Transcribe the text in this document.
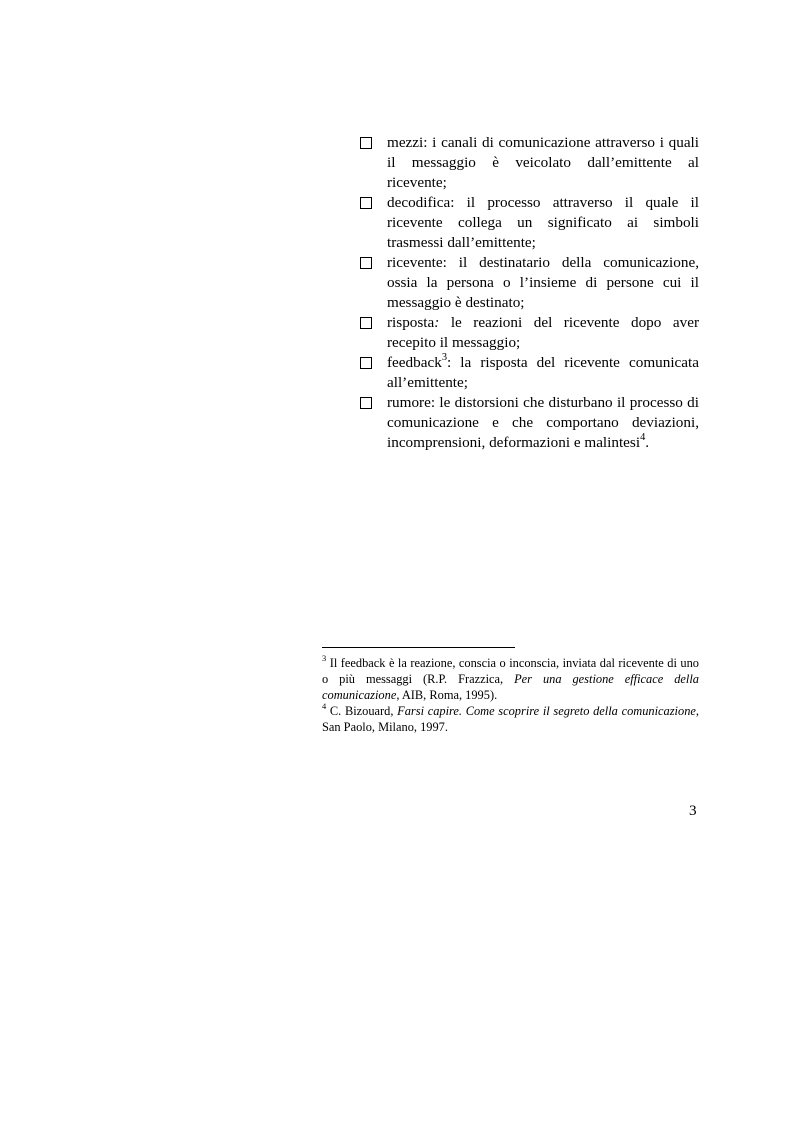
mezzi: i canali di comunicazione attraverso i quali il messaggio è veicolato dall’emittente al ricevente;
decodifica: il processo attraverso il quale il ricevente collega un significato ai simboli trasmessi dall’emittente;
ricevente: il destinatario della comunicazione, ossia la persona o l’insieme di persone cui il messaggio è destinato;
risposta: le reazioni del ricevente dopo aver recepito il messaggio;
feedback$^3$: la risposta del ricevente comunicata all’emittente;
rumore: le distorsioni che disturbano il processo di comunicazione e che comportano deviazioni, incomprensioni, deformazioni e malintesi$^4$.

$^3$ Il feedback è la reazione, conscia o inconscia, inviata dal ricevente di uno o più messaggi (R.P. Frazzica, Per una gestione efficace della comunicazione, AIB, Roma, 1995).

$^4$ C. Bizouard, Farsi capire. Come scoprire il segreto della comunicazione, San Paolo, Milano, 1997.

3
